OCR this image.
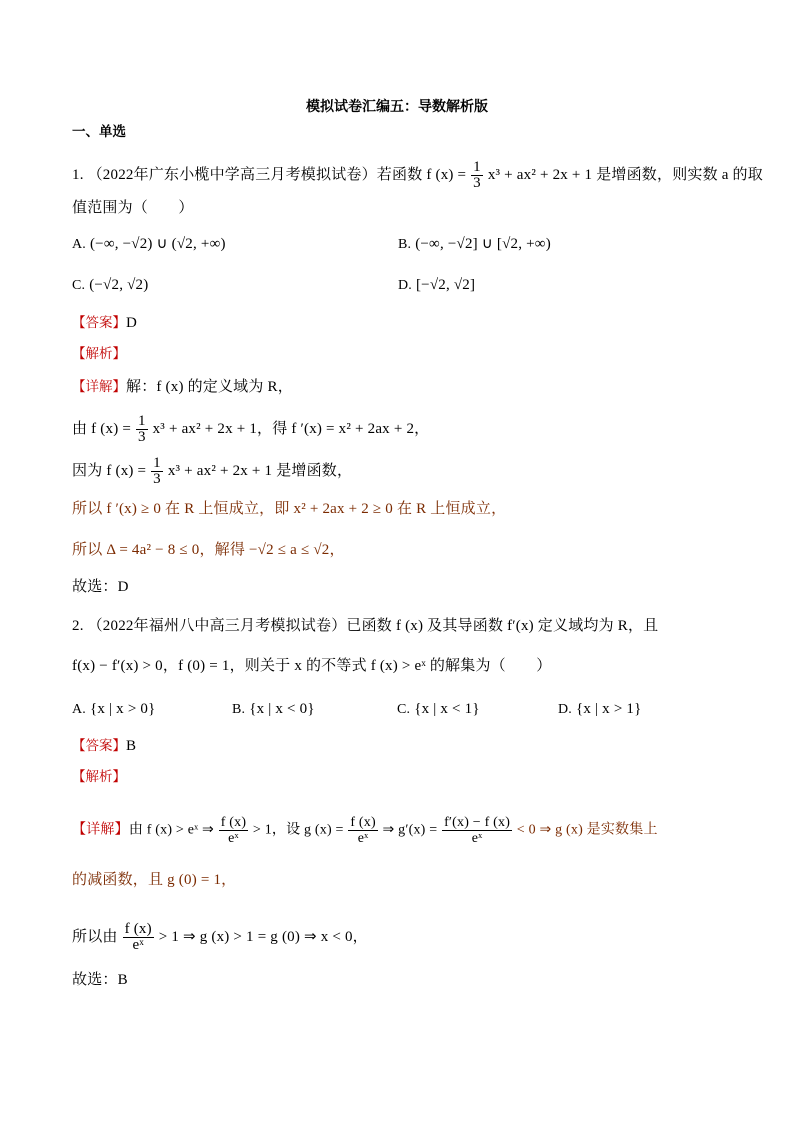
模拟试卷汇编五：导数解析版
一、单选
1. （2022年广东小榄中学高三月考模拟试卷）若函数 f $(x) = \frac{1}{3} x^3 + ax^2 + 2x + 1$ 是增函数，则实数 a 的取
值范围为（　　）
A. (−∞, −√2) ∪ (√2, +∞)	B. (−∞, −√2] ∪ [√2, +∞)
C. (−√2, √2)	D. [−√2, √2]
【答案】D
【解析】
【详解】解：f (x) 的定义域为 R，
由 f $(x) = \frac{1}{3} x^3 + ax^2 + 2x + 1$，得 f ′(x) = x² + 2ax + 2，
因为 f $(x) = \frac{1}{3} x^3 + ax^2 + 2x + 1$ 是增函数，
所以 f ′(x) ≥ 0 在 R 上恒成立，即 x² + 2ax + 2 ≥ 0 在 R 上恒成立，
所以 Δ = 4a² − 8 ≤ 0，解得 −√2 ≤ a ≤ √2，
故选：D
2. （2022年福州八中高三月考模拟试卷）已函数 f (x) 及其导函数 f′(x) 定义域均为 R，且
f(x) − f′(x) > 0，f (0) = 1，则关于 x 的不等式 f (x) > eˣ 的解集为（　　）
A. {x | x > 0}	B. {x | x < 0}	C. {x | x < 1}	D. {x | x > 1}
【答案】B
【解析】
【详解】由 f (x) > eˣ ⇒ $\frac{f (x)}{\text{eˣ}} > 1$，设 g $(x) = \frac{f (x)}{\text{eˣ}}$ ⇒ $g'(x) = \frac{f'(x) - f (x)}{\text{eˣ}} < 0$ ⇒ g (x) 是实数集上
的减函数，且 g (0) = 1，
所以由 $\frac{f (x)}{\text{eˣ}} > 1$ ⇒ g (x) > 1 = g (0) ⇒ x < 0，
故选：B
